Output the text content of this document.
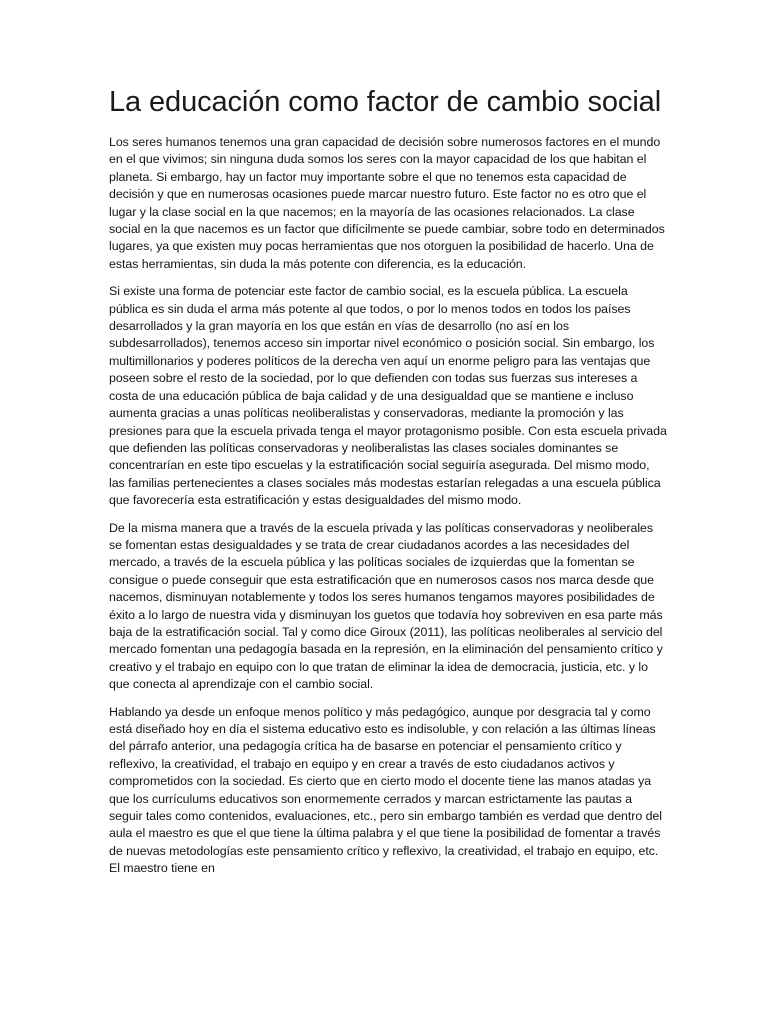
La educación como factor de cambio social

Los seres humanos tenemos una gran capacidad de decisión sobre numerosos factores en el mundo en el que vivimos; sin ninguna duda somos los seres con la mayor capacidad de los que habitan el planeta. Si embargo, hay un factor muy importante sobre el que no tenemos esta capacidad de decisión y que en numerosas ocasiones puede marcar nuestro futuro. Este factor no es otro que el lugar y la clase social en la que nacemos; en la mayoría de las ocasiones relacionados. La clase social en la que nacemos es un factor que difícilmente se puede cambiar, sobre todo en determinados lugares, ya que existen muy pocas herramientas que nos otorguen la posibilidad de hacerlo. Una de estas herramientas, sin duda la más potente con diferencia, es la educación.

Si existe una forma de potenciar este factor de cambio social, es la escuela pública. La escuela pública es sin duda el arma más potente al que todos, o por lo menos todos en todos los países desarrollados y la gran mayoría en los que están en vías de desarrollo (no así en los subdesarrollados), tenemos acceso sin importar nivel económico o posición social. Sin embargo, los multimillonarios y poderes políticos de la derecha ven aquí un enorme peligro para las ventajas que poseen sobre el resto de la sociedad, por lo que defienden con todas sus fuerzas sus intereses a costa de una educación pública de baja calidad y de una desigualdad que se mantiene e incluso aumenta gracias a unas políticas neoliberalistas y conservadoras, mediante la promoción y las presiones para que la escuela privada tenga el mayor protagonismo posible. Con esta escuela privada que defienden las políticas conservadoras y neoliberalistas las clases sociales dominantes se concentrarían en este tipo escuelas y la estratificación social seguiría asegurada. Del mismo modo, las familias pertenecientes a clases sociales más modestas estarían relegadas a una escuela pública que favorecería esta estratificación y estas desigualdades del mismo modo.

De la misma manera que a través de la escuela privada y las políticas conservadoras y neoliberales se fomentan estas desigualdades y se trata de crear ciudadanos acordes a las necesidades del mercado, a través de la escuela pública y las políticas sociales de izquierdas que la fomentan se consigue o puede conseguir que esta estratificación que en numerosos casos nos marca desde que nacemos, disminuyan notablemente y todos los seres humanos tengamos mayores posibilidades de éxito a lo largo de nuestra vida y disminuyan los guetos que todavía hoy sobreviven en esa parte más baja de la estratificación social. Tal y como dice Giroux (2011), las políticas neoliberales al servicio del mercado fomentan una pedagogía basada en la represión, en la eliminación del pensamiento crítico y creativo y el trabajo en equipo con lo que tratan de eliminar la idea de democracia, justicia, etc. y lo que conecta al aprendizaje con el cambio social.

Hablando ya desde un enfoque menos político y más pedagógico, aunque por desgracia tal y como está diseñado hoy en día el sistema educativo esto es indisoluble, y con relación a las últimas líneas del párrafo anterior, una pedagogía crítica ha de basarse en potenciar el pensamiento crítico y reflexivo, la creatividad, el trabajo en equipo y en crear a través de esto ciudadanos activos y comprometidos con la sociedad. Es cierto que en cierto modo el docente tiene las manos atadas ya que los currículums educativos son enormemente cerrados y marcan estrictamente las pautas a seguir tales como contenidos, evaluaciones, etc., pero sin embargo también es verdad que dentro del aula el maestro es que el que tiene la última palabra y el que tiene la posibilidad de fomentar a través de nuevas metodologías este pensamiento crítico y reflexivo, la creatividad, el trabajo en equipo, etc. El maestro tiene en
